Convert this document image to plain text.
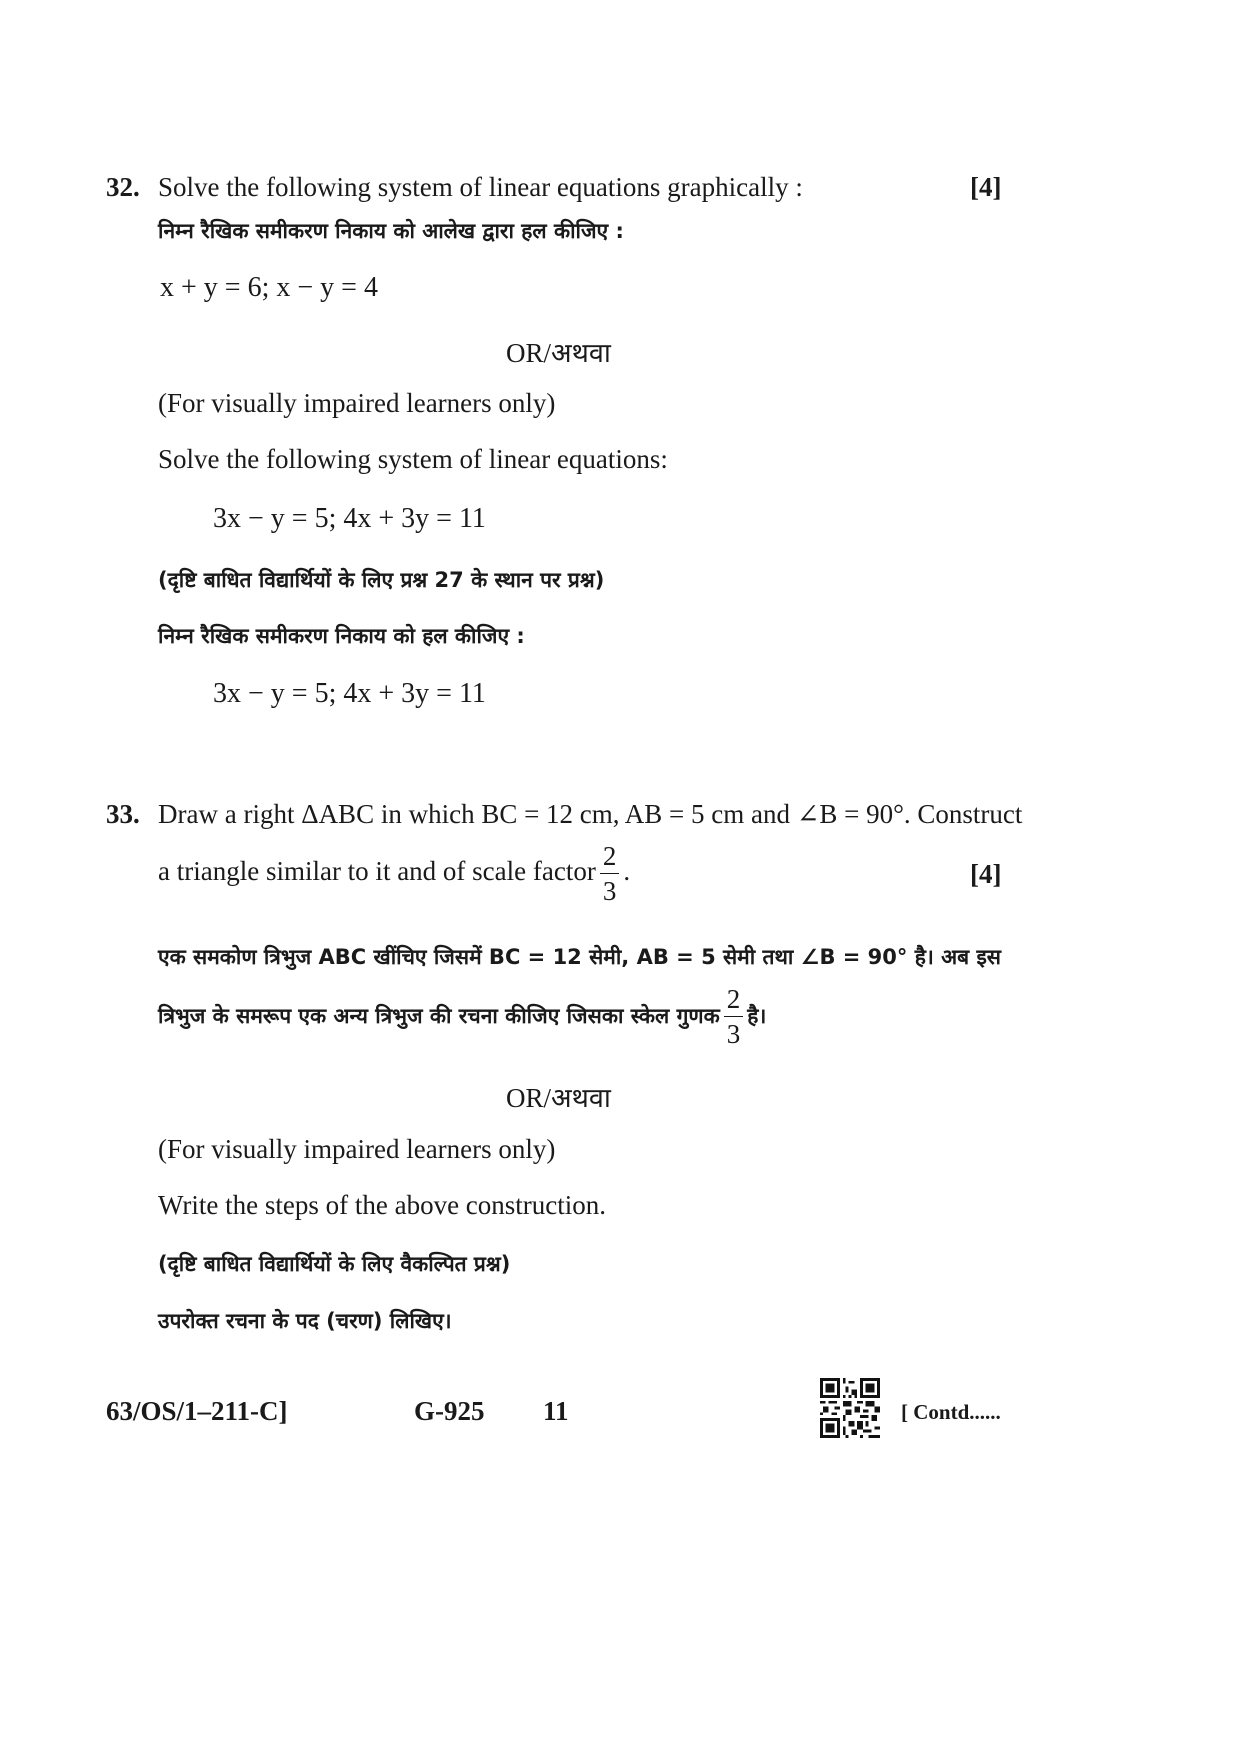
32. Solve the following system of linear equations graphically :	[4]
निम्न रैखिक समीकरण निकाय को आलेख द्वारा हल कीजिए :
x + y = 6; x − y = 4
OR/अथवा
(For visually impaired learners only)
Solve the following system of linear equations:
3x − y = 5; 4x + 3y = 11
(दृष्टि बाधित विद्यार्थियों के लिए प्रश्न 27 के स्थान पर प्रश्न)
निम्न रैखिक समीकरण निकाय को हल कीजिए :
3x − y = 5; 4x + 3y = 11
33. Draw a right ΔABC in which BC = 12 cm, AB = 5 cm and ∠B = 90°. Construct
a triangle similar to it and of scale factor $\frac{2}{3}$ .	[4]
एक समकोण त्रिभुज ABC खींचिए जिसमें BC = 12 सेमी, AB = 5 सेमी तथा ∠B = 90° है। अब इस
त्रिभुज के समरूप एक अन्य त्रिभुज की रचना कीजिए जिसका स्केल गुणक $\frac{2}{3}$ है।
OR/अथवा
(For visually impaired learners only)
Write the steps of the above construction.
(दृष्टि बाधित विद्यार्थियों के लिए वैकल्पित प्रश्न)
उपरोक्त रचना के पद (चरण) लिखिए।
63/OS/1–211-C]	G-925 11	[ Contd......
